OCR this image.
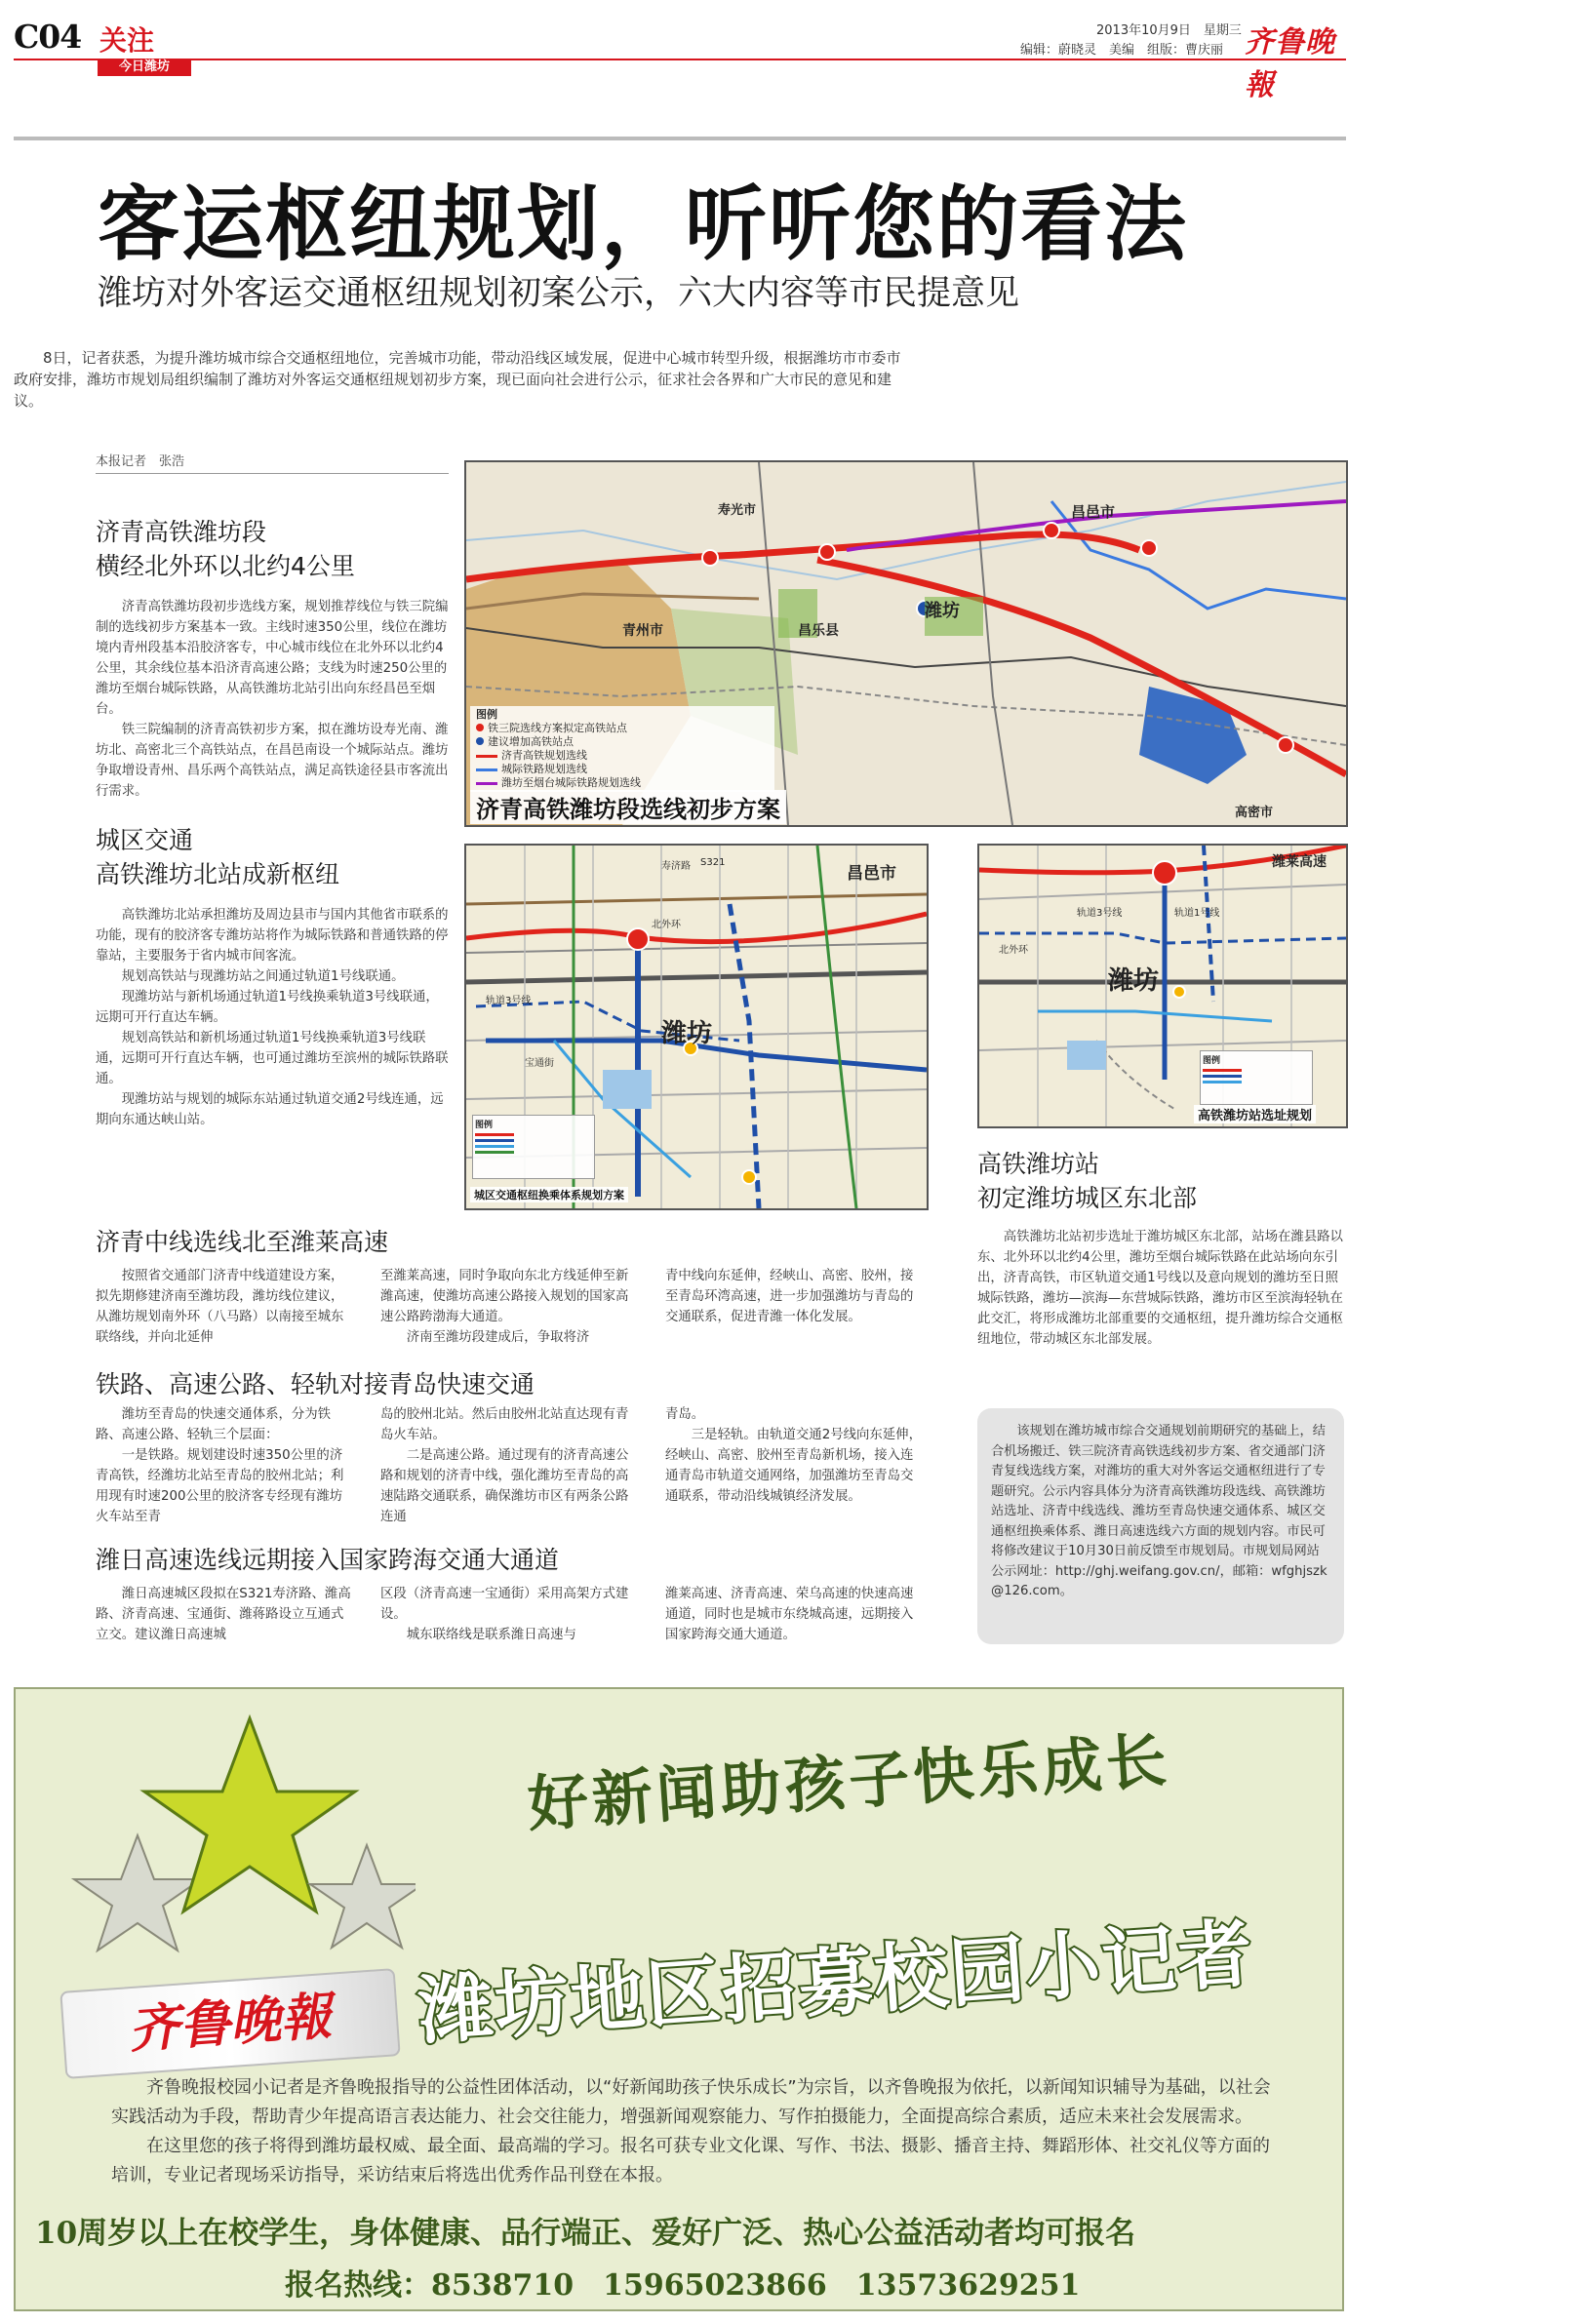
C04 关注
今日潍坊
2013年10月9日　星期三
编辑：蔚晓灵　美编　组版：曹庆丽 齐鲁晚報
客运枢纽规划，听听您的看法
潍坊对外客运交通枢纽规划初案公示，六大内容等市民提意见
8日，记者获悉，为提升潍坊城市综合交通枢纽地位，完善城市功能，带动沿线区域发展，促进中心城市转型升级，根据潍坊市市委市政府安排，潍坊市规划局组织编制了潍坊对外客运交通枢纽规划初步方案，现已面向社会进行公示，征求社会各界和广大市民的意见和建议。
本报记者　张浩
济青高铁潍坊段
横经北外环以北约4公里

济青高铁潍坊段初步选线方案，规划推荐线位与铁三院编制的选线初步方案基本一致。主线时速350公里，线位在潍坊境内青州段基本沿胶济客专，中心城市线位在北外环以北约4公里，其余线位基本沿济青高速公路；支线为时速250公里的潍坊至烟台城际铁路，从高铁潍坊北站引出向东经昌邑至烟台。

铁三院编制的济青高铁初步方案，拟在潍坊设寿光南、潍坊北、高密北三个高铁站点，在昌邑南设一个城际站点。潍坊争取增设青州、昌乐两个高铁站点，满足高铁途径县市客流出行需求。

城区交通
高铁潍坊北站成新枢纽

高铁潍坊北站承担潍坊及周边县市与国内其他省市联系的功能，现有的胶济客专潍坊站将作为城际铁路和普通铁路的停靠站，主要服务于省内城市间客流。

规划高铁站与现潍坊站之间通过轨道1号线联通。

现潍坊站与新机场通过轨道1号线换乘轨道3号线联通，远期可开行直达车辆。

规划高铁站和新机场通过轨道1号线换乘轨道3号线联通，远期可开行直达车辆，也可通过潍坊至滨州的城际铁路联通。

现潍坊站与规划的城际东站通过轨道交通2号线连通，远期向东通达峡山站。

寿光市	昌邑市
青州市	昌乐县
潍坊
高密市
图例
铁三院选线方案拟定高铁站点
建议增加高铁站点
济青高铁规划选线
城际铁路规划选线
潍坊至烟台城际铁路规划选线
济青高铁潍坊段选线初步方案
昌邑市
潍坊
北外环
轨道3号线
宝通街
S321
寿济路
图例
城区交通枢纽换乘体系规划方案
潍坊
北外环
轨道3号线	轨道1号线
潍莱高速
图例
高铁潍坊站选址规划
高铁潍坊站
初定潍坊城区东北部

高铁潍坊北站初步选址于潍坊城区东北部，站场在潍县路以东、北外环以北约4公里，潍坊至烟台城际铁路在此站场向东引出，济青高铁，市区轨道交通1号线以及意向规划的潍坊至日照城际铁路，潍坊—滨海—东营城际铁路，潍坊市区至滨海轻轨在此交汇，将形成潍坊北部重要的交通枢纽，提升潍坊综合交通枢纽地位，带动城区东北部发展。

济青中线选线北至潍莱高速
按照省交通部门济青中线道建设方案，拟先期修建济南至潍坊段，潍坊线位建议，从潍坊规划南外环（八马路）以南接至城东联络线，并向北延伸

至潍莱高速，同时争取向东北方线延伸至新潍高速，使潍坊高速公路接入规划的国家高速公路跨渤海大通道。

济南至潍坊段建成后，争取将济

青中线向东延伸，经峡山、高密、胶州，接至青岛环湾高速，进一步加强潍坊与青岛的交通联系，促进青潍一体化发展。
铁路、高速公路、轻轨对接青岛快速交通

潍坊至青岛的快速交通体系，分为铁路、高速公路、轻轨三个层面：

一是铁路。规划建设时速350公里的济青高铁，经潍坊北站至青岛的胶州北站；利用现有时速200公里的胶济客专经现有潍坊火车站至青

岛的胶州北站。然后由胶州北站直达现有青岛火车站。

二是高速公路。通过现有的济青高速公路和规划的济青中线，强化潍坊至青岛的高速陆路交通联系，确保潍坊市区有两条公路连通

青岛。

三是轻轨。由轨道交通2号线向东延伸，经峡山、高密、胶州至青岛新机场，接入连通青岛市轨道交通网络，加强潍坊至青岛交通联系，带动沿线城镇经济发展。

潍日高速选线远期接入国家跨海交通大通道
潍日高速城区段拟在S321寿济路、潍高路、济青高速、宝通街、潍蒋路设立互通式立交。建议潍日高速城

区段（济青高速一宝通街）采用高架方式建设。

城东联络线是联系潍日高速与

潍莱高速、济青高速、荣乌高速的快速高速通道，同时也是城市东绕城高速，远期接入国家跨海交通大通道。

该规划在潍坊城市综合交通规划前期研究的基础上，结合机场搬迁、铁三院济青高铁选线初步方案、省交通部门济青复线选线方案，对潍坊的重大对外客运交通枢纽进行了专题研究。公示内容具体分为济青高铁潍坊段选线、高铁潍坊站选址、济青中线选线、潍坊至青岛快速交通体系、城区交通枢纽换乘体系、潍日高速选线六方面的规划内容。市民可将修改建议于10月30日前反馈至市规划局。市规划局网站公示网址：http://ghj.weifang.gov.cn/，邮箱：wfghjszk@126.com。

齐鲁晚報
好新闻助孩子快乐成长
潍坊地区招募校园小记者

齐鲁晚报校园小记者是齐鲁晚报指导的公益性团体活动，以“好新闻助孩子快乐成长”为宗旨，以齐鲁晚报为依托，以新闻知识辅导为基础，以社会实践活动为手段，帮助青少年提高语言表达能力、社会交往能力，增强新闻观察能力、写作拍摄能力，全面提高综合素质，适应未来社会发展需求。

在这里您的孩子将得到潍坊最权威、最全面、最高端的学习。报名可获专业文化课、写作、书法、摄影、播音主持、舞蹈形体、社交礼仪等方面的培训，专业记者现场采访指导，采访结束后将选出优秀作品刊登在本报。

10周岁以上在校学生，身体健康、品行端正、爱好广泛、热心公益活动者均可报名
报名热线：8538710　15965023866　13573629251
